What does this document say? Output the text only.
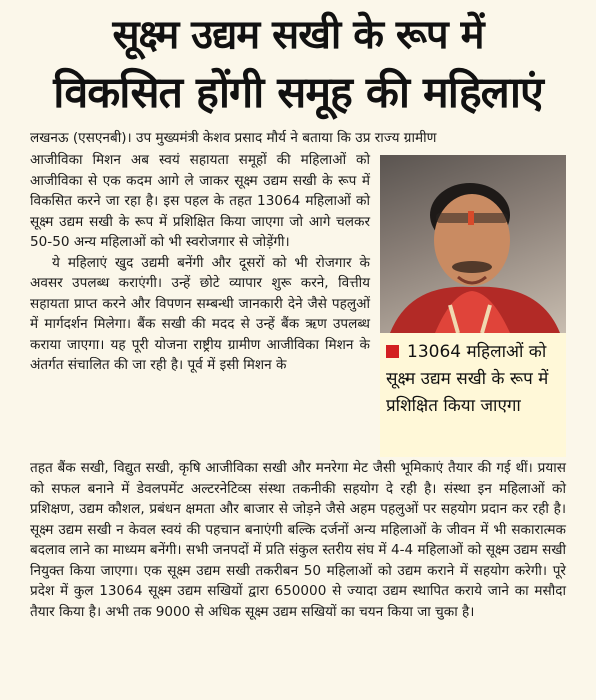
सूक्ष्म उद्यम सखी के रूप में
विकसित होंगी समूह की महिलाएं

लखनऊ (एसएनबी)। उप मुख्यमंत्री केशव प्रसाद मौर्य ने बताया कि उप्र राज्य ग्रामीण

आजीविका मिशन अब स्वयं सहायता समूहों की महिलाओं को आजीविका से एक कदम आगे ले जाकर सूक्ष्म उद्यम सखी के रूप में विकसित करने जा रहा है। इस पहल के तहत 13064 महिलाओं को सूक्ष्म उद्यम सखी के रूप में प्रशिक्षित किया जाएगा जो आगे चलकर 50-50 अन्य महिलाओं को भी स्वरोजगार से जोड़ेंगी।

ये महिलाएं खुद उद्यमी बनेंगी और दूसरों को भी रोजगार के अवसर उपलब्ध कराएंगी। उन्हें छोटे व्यापार शुरू करने, वित्तीय सहायता प्राप्त करने और विपणन सम्बन्धी जानकारी देने जैसे पहलुओं में मार्गदर्शन मिलेगा। बैंक सखी की मदद से उन्हें बैंक ऋण उपलब्ध कराया जाएगा। यह पूरी योजना राष्ट्रीय ग्रामीण आजीविका मिशन के अंतर्गत संचालित की जा रही है। पूर्व में इसी मिशन के

13064 महिलाओं को सूक्ष्म उद्यम सखी के रूप में प्रशिक्षित किया जाएगा

तहत बैंक सखी, विद्युत सखी, कृषि आजीविका सखी और मनरेगा मेट जैसी भूमिकाएं तैयार की गई थीं। प्रयास को सफल बनाने में डेवलपमेंट अल्टरनेटिव्स संस्था तकनीकी सहयोग दे रही है। संस्था इन महिलाओं को प्रशिक्षण, उद्यम कौशल, प्रबंधन क्षमता और बाजार से जोड़ने जैसे अहम पहलुओं पर सहयोग प्रदान कर रही है। सूक्ष्म उद्यम सखी न केवल स्वयं की पहचान बनाएंगी बल्कि दर्जनों अन्य महिलाओं के जीवन में भी सकारात्मक बदलाव लाने का माध्यम बनेंगी। सभी जनपदों में प्रति संकुल स्तरीय संघ में 4-4 महिलाओं को सूक्ष्म उद्यम सखी नियुक्त किया जाएगा। एक सूक्ष्म उद्यम सखी तकरीबन 50 महिलाओं को उद्यम कराने में सहयोग करेगी। पूरे प्रदेश में कुल 13064 सूक्ष्म उद्यम सखियों द्वारा 650000 से ज्यादा उद्यम स्थापित कराये जाने का मसौदा तैयार किया है। अभी तक 9000 से अधिक सूक्ष्म उद्यम सखियों का चयन किया जा चुका है।
